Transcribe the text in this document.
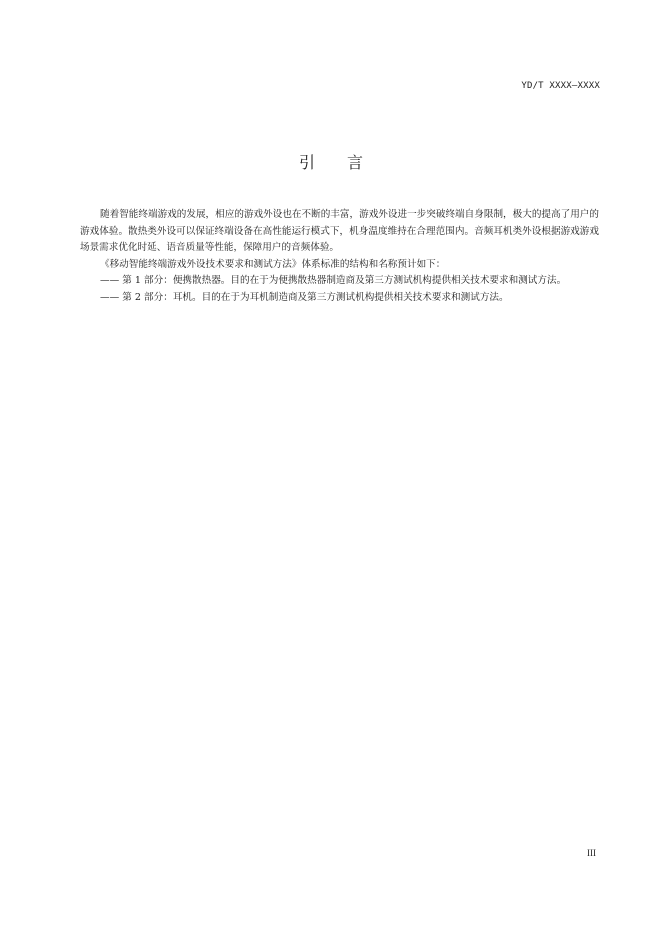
YD/T XXXX—XXXX
引 言

随着智能终端游戏的发展，相应的游戏外设也在不断的丰富，游戏外设进一步突破终端自身限制，极大的提高了用户的游戏体验。散热类外设可以保证终端设备在高性能运行模式下，机身温度维持在合理范围内。音频耳机类外设根据游戏游戏场景需求优化时延、语音质量等性能，保障用户的音频体验。

《移动智能终端游戏外设技术要求和测试方法》体系标准的结构和名称预计如下：

—— 第 1 部分：便携散热器。目的在于为便携散热器制造商及第三方测试机构提供相关技术要求和测试方法。

—— 第 2 部分：耳机。目的在于为耳机制造商及第三方测试机构提供相关技术要求和测试方法。

III
